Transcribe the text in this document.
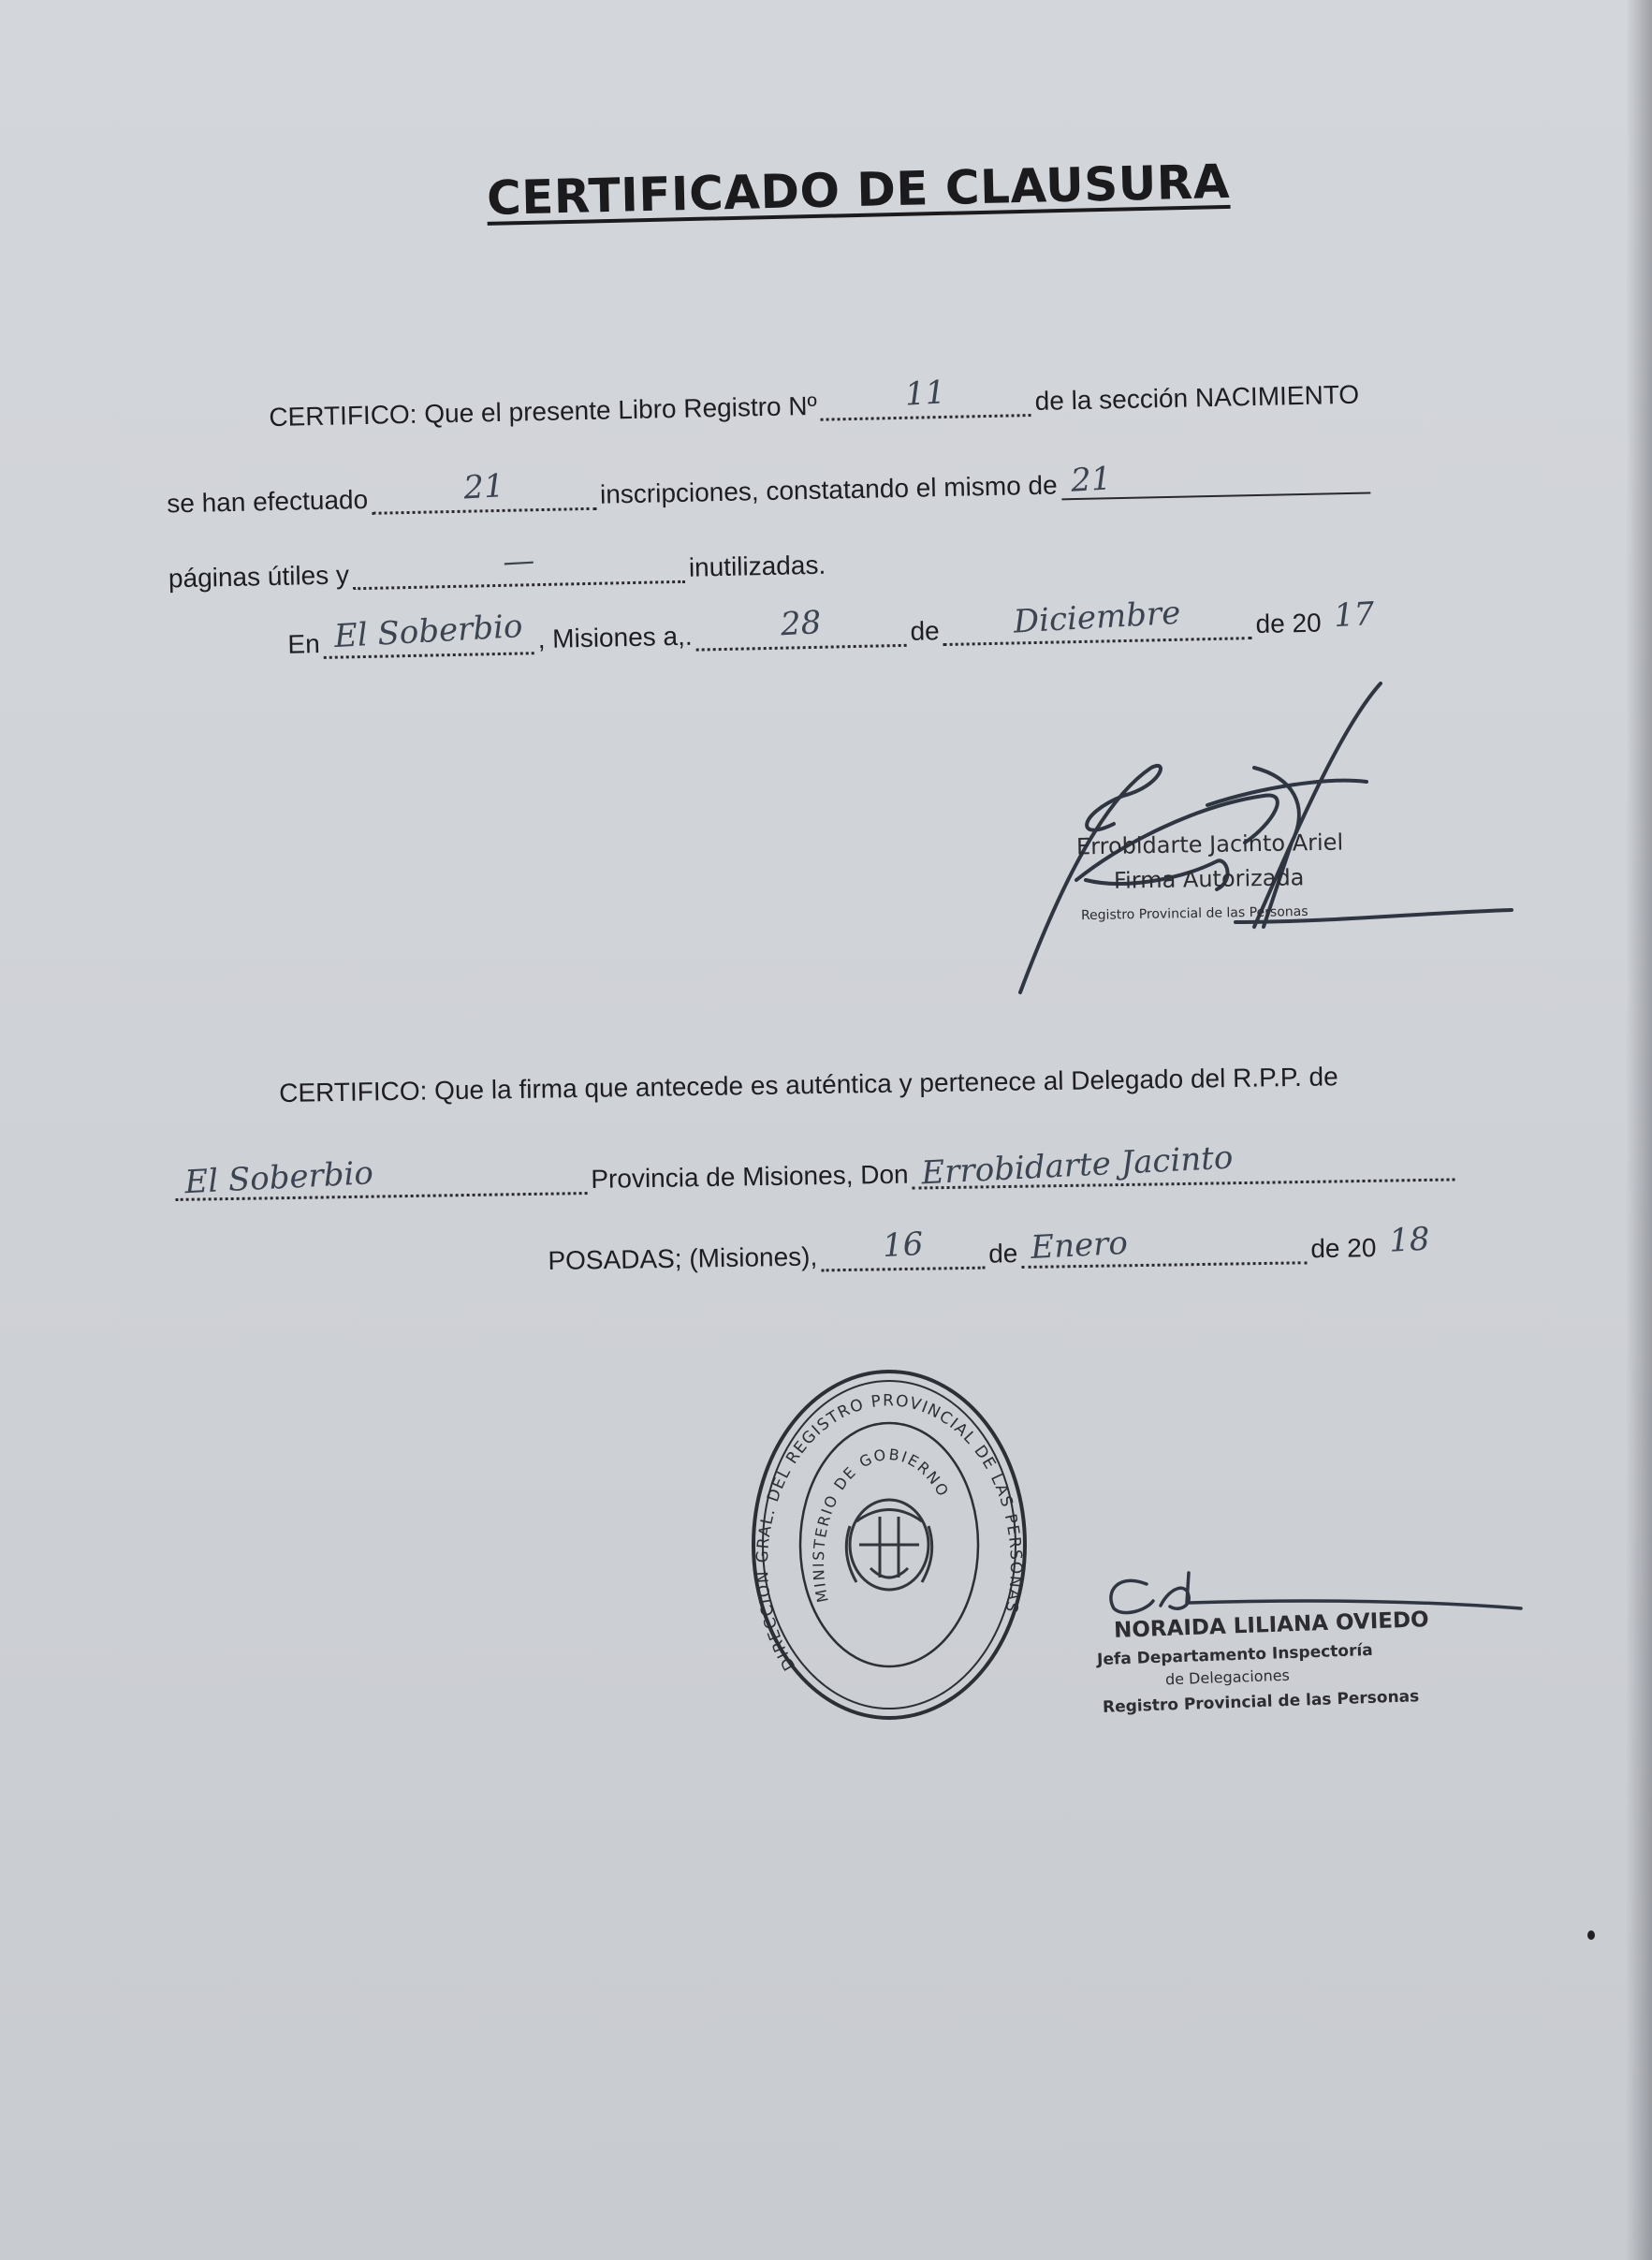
CERTIFICADO DE CLAUSURA
CERTIFICO: Que el presente Libro Registro Nº	11	de la sección NACIMIENTO
se han efectuado	21	inscripciones, constatando el mismo de 21
páginas útiles y	—	inutilizadas.
En El Soberbio , Misiones a,.	28	de	Diciembre	de 20 17
Errobidarte Jacinto Ariel
Firma Autorizada
Registro Provincial de las Personas
CERTIFICO: Que la firma que antecede es auténtica y pertenece al Delegado del R.P.P. de
El Soberbio	Provincia de Misiones, Don Errobidarte Jacinto
POSADAS; (Misiones),	16	de Enero	de 20 18
DIRECCION GRAL. DEL REGISTRO PROVINCIAL DE LAS PERSONAS
MINISTERIO DE GOBIERNO
NORAIDA LILIANA OVIEDO
Jefa Departamento Inspectoría
de Delegaciones
Registro Provincial de las Personas
